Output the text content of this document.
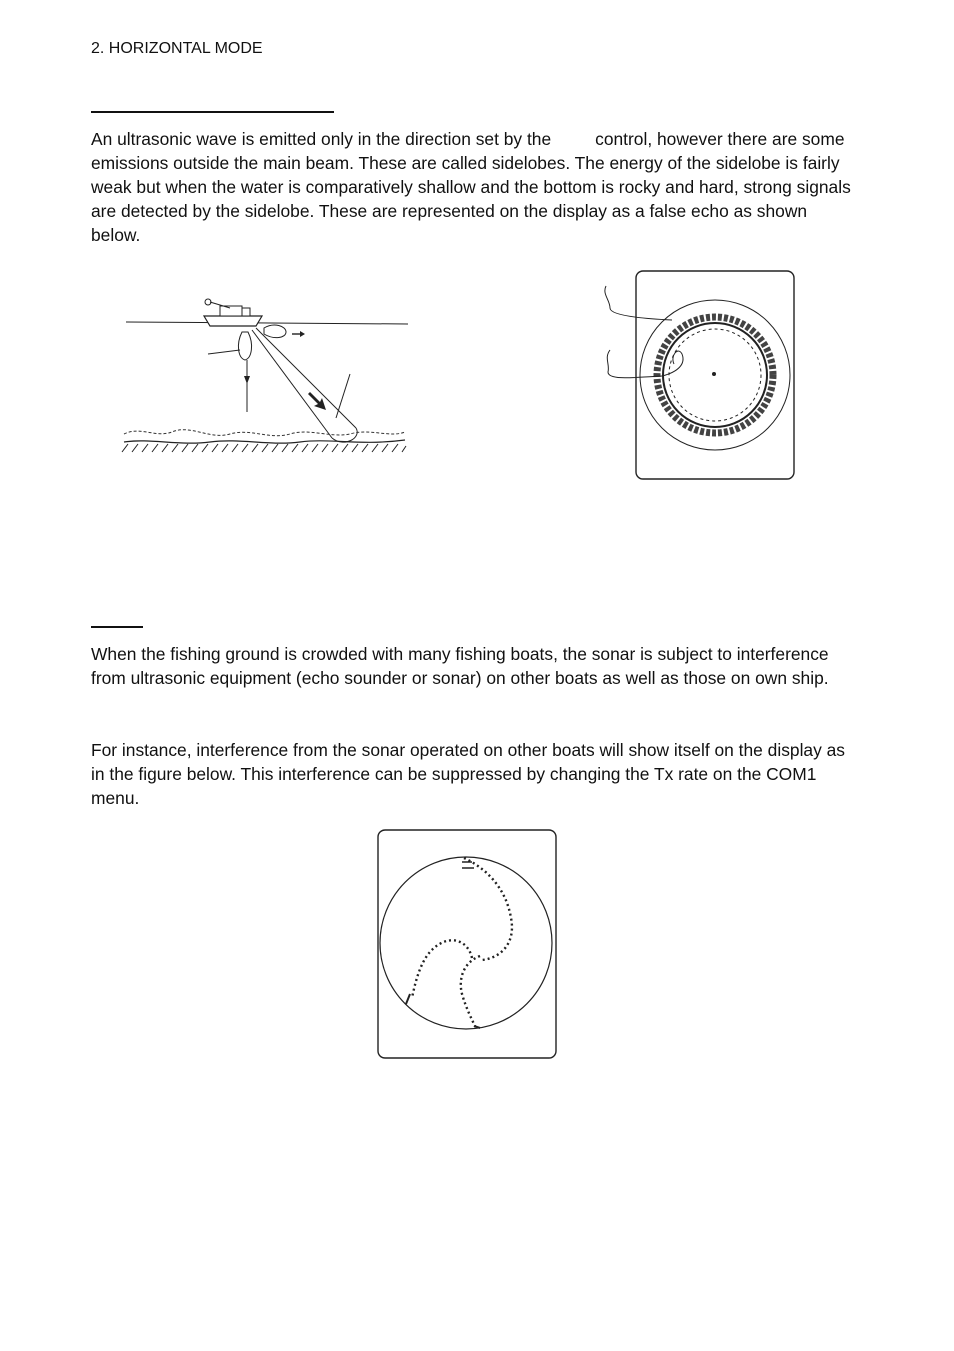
2. HORIZONTAL MODE

An ultrasonic wave is emitted only in the direction set by the	control, however there are some emissions outside the main beam. These are called sidelobes. The energy of the sidelobe is fairly weak but when the water is comparatively shallow and the bottom is rocky and hard, strong signals are detected by the sidelobe. These are represented on the display as a false echo as shown below.

When the fishing ground is crowded with many fishing boats, the sonar is subject to interference from ultrasonic equipment (echo sounder or sonar) on other boats as well as those on own ship.

For instance, interference from the sonar operated on other boats will show itself on the display as in the figure below. This interference can be suppressed by changing the Tx rate on the COM1 menu.
